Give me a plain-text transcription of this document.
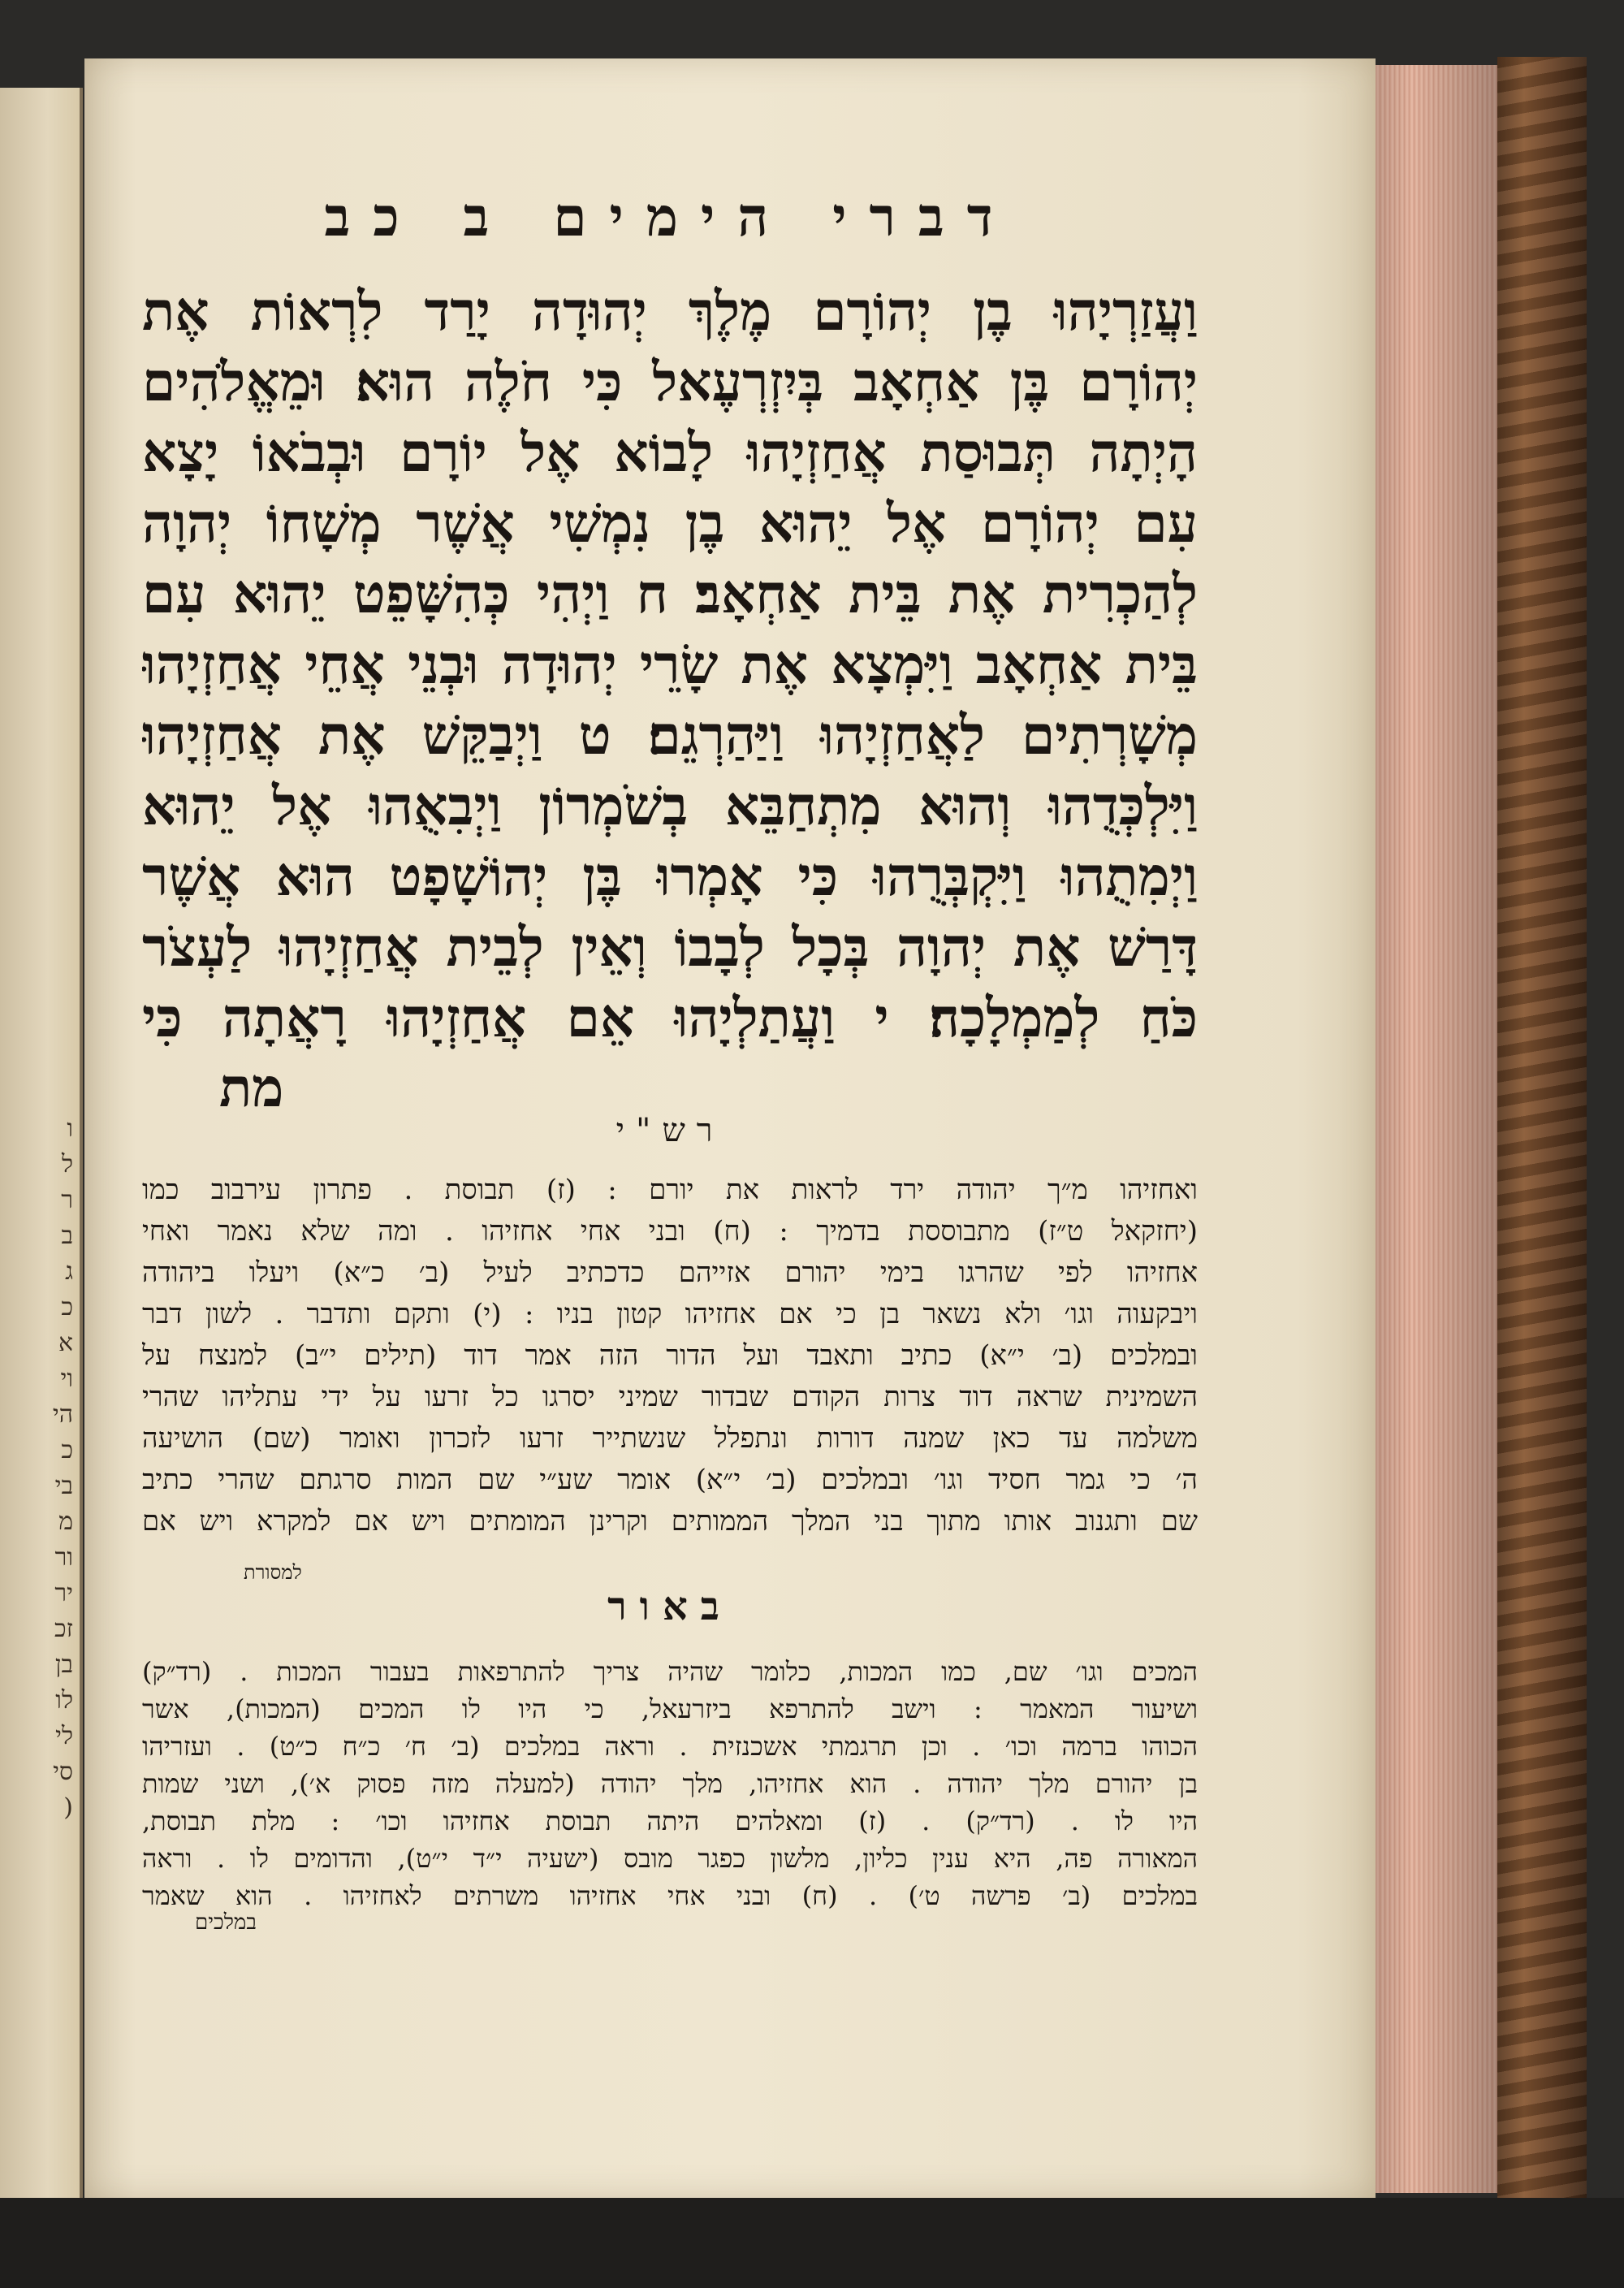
ו
ל
ר
ב
ג
כ
א
וי
הי
כ
בי
מ
ור
יר
זכ
בן
לו
לי
סי
(
דברי הימים ב כב
וַעֲזַרְיָהוּ בֶן יְהוֹרָם מֶלֶךְ יְהוּדָה יָרַד לִרְאוֹת אֶת
יְהוֹרָם בֶּן אַחְאָב בְּיִזְרְעֶאל כִּי חֹלֶה הוּא׃ וּמֵאֱלֹהִים
הָיְתָה תְּבוּסַת אֲחַזְיָהוּ לָבוֹא אֶל יוֹרָם וּבְבֹאוֹ יָצָא
עִם יְהוֹרָם אֶל יֵהוּא בֶן נִמְשִׁי אֲשֶׁר מְשָׁחוֹ יְהוָה
לְהַכְרִית אֶת בֵּית אַחְאָב׃ ח וַיְהִי כְּהִשָּׁפֵט יֵהוּא עִם
בֵּית אַחְאָב וַיִּמְצָא אֶת שָׂרֵי יְהוּדָה וּבְנֵי אֲחֵי אֲחַזְיָהוּ
מְשָׁרְתִים לַאֲחַזְיָהוּ וַיַּהַרְגֵם׃ ט וַיְבַקֵּשׁ אֶת אֲחַזְיָהוּ
וַיִּלְכְּדֻהוּ וְהוּא מִתְחַבֵּא בְשֹׁמְרוֹן וַיְבִאֻהוּ אֶל יֵהוּא
וַיְמִתֻהוּ וַיִּקְבְּרֻהוּ כִּי אָמְרוּ בֶּן יְהוֹשָׁפָט הוּא אֲשֶׁר
דָּרַשׁ אֶת יְהוָה בְּכָל לְבָבוֹ וְאֵין לְבֵית אֲחַזְיָהוּ לַעְצֹר
כֹּחַ לְמַמְלָכָה׃ י וַעֲתַלְיָהוּ אֵם אֲחַזְיָהוּ רָאֲתָה כִּי
מת
רש"י
ואחזיהו מ״ך יהודה ירד לראות את יורם : (ז) תבוסת . פתרון עירבוב כמו
(יחזקאל ט״ז) מתבוססת בדמיך : (ח) ובני אחי אחזיהו . ומה שלא נאמר ואחי
אחזיהו לפי שהרגו בימי יהורם אזייהם כדכתיב לעיל (ב׳ כ״א) ויעלו ביהודה
ויבקעוה וגו׳ ולא נשאר בן כי אם אחזיהו קטון בניו : (י) ותקם ותדבר . לשון דבר
ובמלכים (ב׳ י״א) כתיב ותאבד ועל הדור הזה אמר דוד (תילים י״ב) למנצח על
השמינית שראה דוד צרות הקודם שבדור שמיני יסרגו כל זרעו על ידי עתליהו שהרי
משלמה עד כאן שמנה דורות ונתפלל שנשתייר זרעו לזכרון ואומר (שם) הושיעה
ה׳ כי גמר חסיד וגו׳ ובמלכים (ב׳ י״א) אומר שע״י שם המות סרגתם שהרי כתיב
שם ותגנוב אותו מתוך בני המלך הממותים וקרינן המומתים ויש אם למקרא ויש אם
למסורת
באור
המכים וגו׳ שם, כמו המכות, כלומר שהיה צריך להתרפאות בעבור המכות . (רד״ק)
ושיעור המאמר : וישב להתרפא ביזרעאל, כי היו לו המכים (המכות), אשר
הכוהו ברמה וכו׳ . וכן תרגמתי אשכנזית . וראה במלכים (ב׳ ח׳ כ״ח כ״ט) . ועזריהו
בן יהורם מלך יהודה . הוא אחזיהו, מלך יהודה (למעלה מזה פסוק א׳), ושני שמות
היו לו . (רד״ק) . (ז) ומאלהים היתה תבוסת אחזיהו וכו׳ : מלת תבוסת,
המאורה פה, היא ענין כליון, מלשון כפגר מובס (ישעיה י״ד י״ט), והדומים לו . וראה
במלכים (ב׳ פרשה ט׳) . (ח) ובני אחי אחזיהו משרתים לאחזיהו . הוא שאמר
במלכים
